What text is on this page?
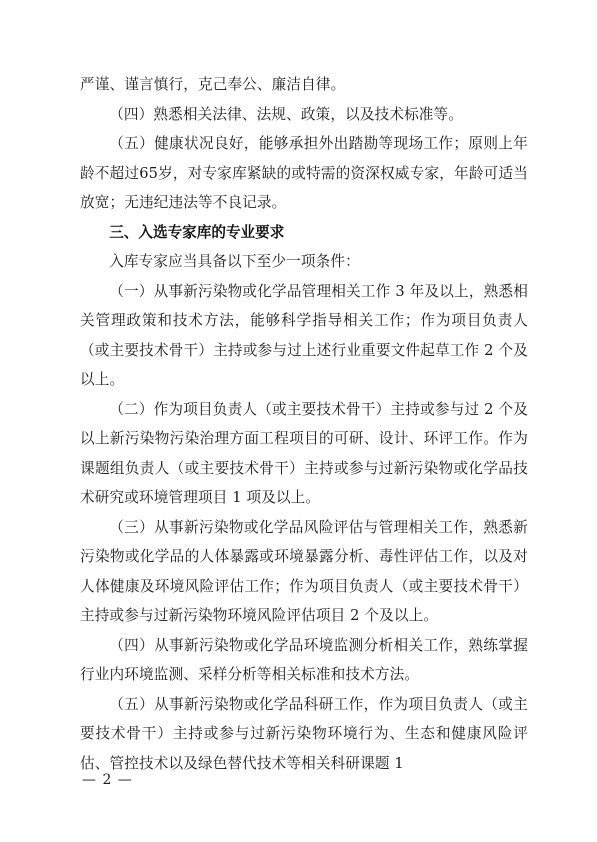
严谨、谨言慎行，克己奉公、廉洁自律。

（四）熟悉相关法律、法规、政策，以及技术标准等。

（五）健康状况良好，能够承担外出踏勘等现场工作；原则上年龄不超过65岁，对专家库紧缺的或特需的资深权威专家，年龄可适当放宽；无违纪违法等不良记录。

三、入选专家库的专业要求

入库专家应当具备以下至少一项条件：

（一）从事新污染物或化学品管理相关工作 3 年及以上，熟悉相关管理政策和技术方法，能够科学指导相关工作；作为项目负责人（或主要技术骨干）主持或参与过上述行业重要文件起草工作 2 个及以上。

（二）作为项目负责人（或主要技术骨干）主持或参与过 2 个及以上新污染物污染治理方面工程项目的可研、设计、环评工作。作为课题组负责人（或主要技术骨干）主持或参与过新污染物或化学品技术研究或环境管理项目 1 项及以上。

（三）从事新污染物或化学品风险评估与管理相关工作，熟悉新污染物或化学品的人体暴露或环境暴露分析、毒性评估工作，以及对人体健康及环境风险评估工作；作为项目负责人（或主要技术骨干）主持或参与过新污染物环境风险评估项目 2 个及以上。

（四）从事新污染物或化学品环境监测分析相关工作，熟练掌握行业内环境监测、采样分析等相关标准和技术方法。

（五）从事新污染物或化学品科研工作，作为项目负责人（或主要技术骨干）主持或参与过新污染物环境行为、生态和健康风险评估、管控技术以及绿色替代技术等相关科研课题 1

— 2 —
